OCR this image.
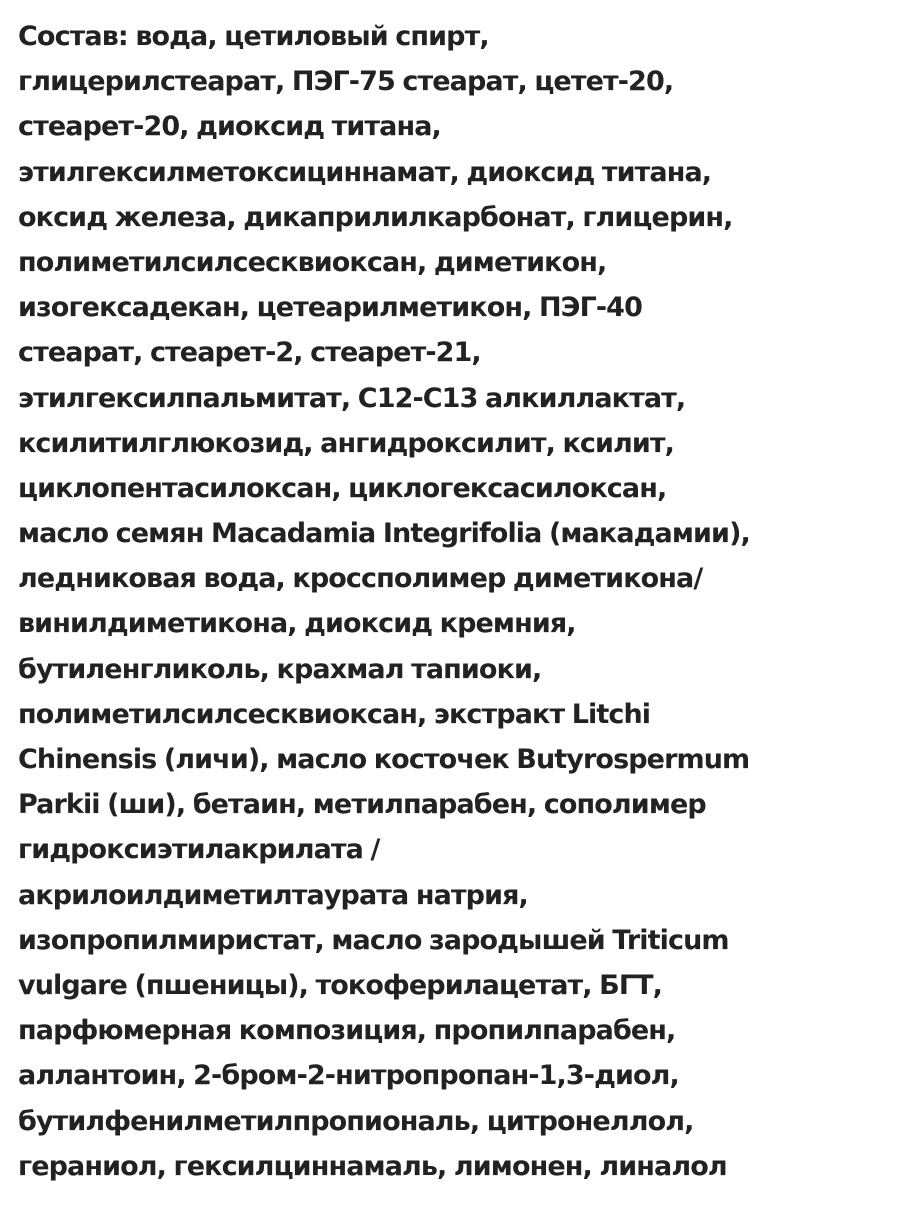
Состав: вода, цетиловый спирт,
глицерилстеарат, ПЭГ-75 стеарат, цетет-20,
стеарет-20, диоксид титана,
этилгексилметоксициннамат, диоксид титана,
оксид железа, дикаприлилкарбонат, глицерин,
полиметилсилсесквиоксан, диметикон,
изогексадекан, цетеарилметикон, ПЭГ-40
стеарат, стеарет-2, стеарет-21,
этилгексилпальмитат, С12-С13 алкиллактат,
ксилитилглюкозид, ангидроксилит, ксилит,
циклопентасилоксан, циклогексасилоксан,
масло семян Macadamia Integrifolia (макадамии),
ледниковая вода, кроссполимер диметикона/
винилдиметикона, диоксид кремния,
бутиленгликоль, крахмал тапиоки,
полиметилсилсесквиоксан, экстракт Litchi
Chinensis (личи), масло косточек Butyrospermum
Parkii (ши), бетаин, метилпарабен, сополимер
гидроксиэтилакрилата /
акрилоилдиметилтаурата натрия,
изопропилмиристат, масло зародышей Triticum
vulgare (пшеницы), токоферилацетат, БГТ,
парфюмерная композиция, пропилпарабен,
аллантоин, 2-бром-2-нитропропан-1,3-диол,
бутилфенилметилпропиональ, цитронеллол,
гераниол, гексилциннамаль, лимонен, линалол
